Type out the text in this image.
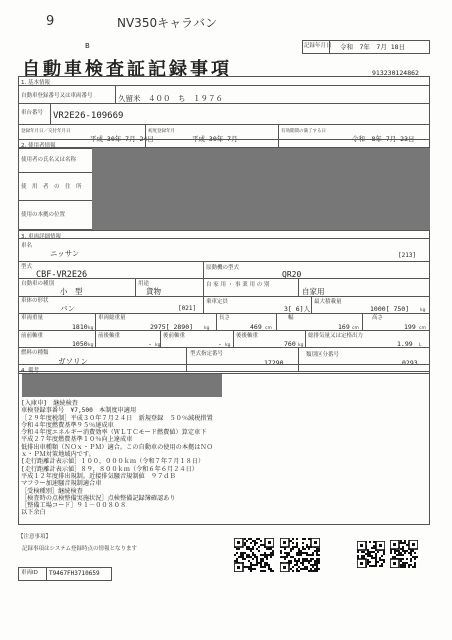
9	NV350キャラバン
記録年月日 令和　7年　7月 18日
B
自動車検査証記録事項	913230124862
1. 基本情報
自動車登録番号又は車両番号	久留米　４００　ち　１９７６
車台番号 VR2E26-109669
登録年月日／交付年月日
平成 30年 7月 24日
初度登録年月
平成 30年 7月
有効期間の満了する日
令和　8年 7月 23日
2. 使用者情報
使用者の氏名又は名称
使　用　者　の　住　所
使用の本拠の位置
3. 車両詳細情報
車名
ニッサン	[213]
型式
CBF-VR2E26
原動機の型式
QR20
自動車の種別
小　型
用途
貨物
自 家 用 ・ 事 業 用 の 別
自家用
車体の形状
バン	[021]
乗車定員
3[ 6]人
最大積載量
1000[ 750] kg
車両重量
1810 kg
車両総重量
2975[ 2890] kg
長さ
469 cm
幅
169 cm
高さ
199 cm
前前軸重
1050 kg
前後軸重
- kg
後前軸重
- kg
後後軸重
760 kg
総排気量又は定格出力
1.99 L
燃料の種類
ガソリン
型式指定番号
17290
類別区分番号
0293
4. 備考
[入庫申]　継続検査
車検登録事番号　¥7,500　本制度申適用
［２９年度税制］平成３０年７月２４日　新規登録　５０％減税措置
令和４年度燃費基準９５％達成車
令和４年度エネルギー消費効率（ＷＬＴＣモード燃費値）算定車下
平成２７年度燃費基準１０％向上達成車
低排出車種類（ＮＯｘ・ＰＭ）適合。この自動車の使用の本拠はＮＯ
ｘ・ＰＭ対策地域内です。
[走行距離計表示値］１００，０００ｋｍ（令和７年７月１８日）
[走行距離計表示値］８９，８００ｋｍ（令和６年６月２４日）
平成１２年度排出規制。近接排気騒音規制値　９７ｄＢ
マフラー加速騒音規制適合車
［受検種別］継続検査
［検査時の点検整備実施状況］点検整備記録簿確認あり
［整備工場コード］９１－００８０８
以下余白
【注意事項】
記録事項はシステム登録時点の情報となります
車両ID T9467FH3710659
